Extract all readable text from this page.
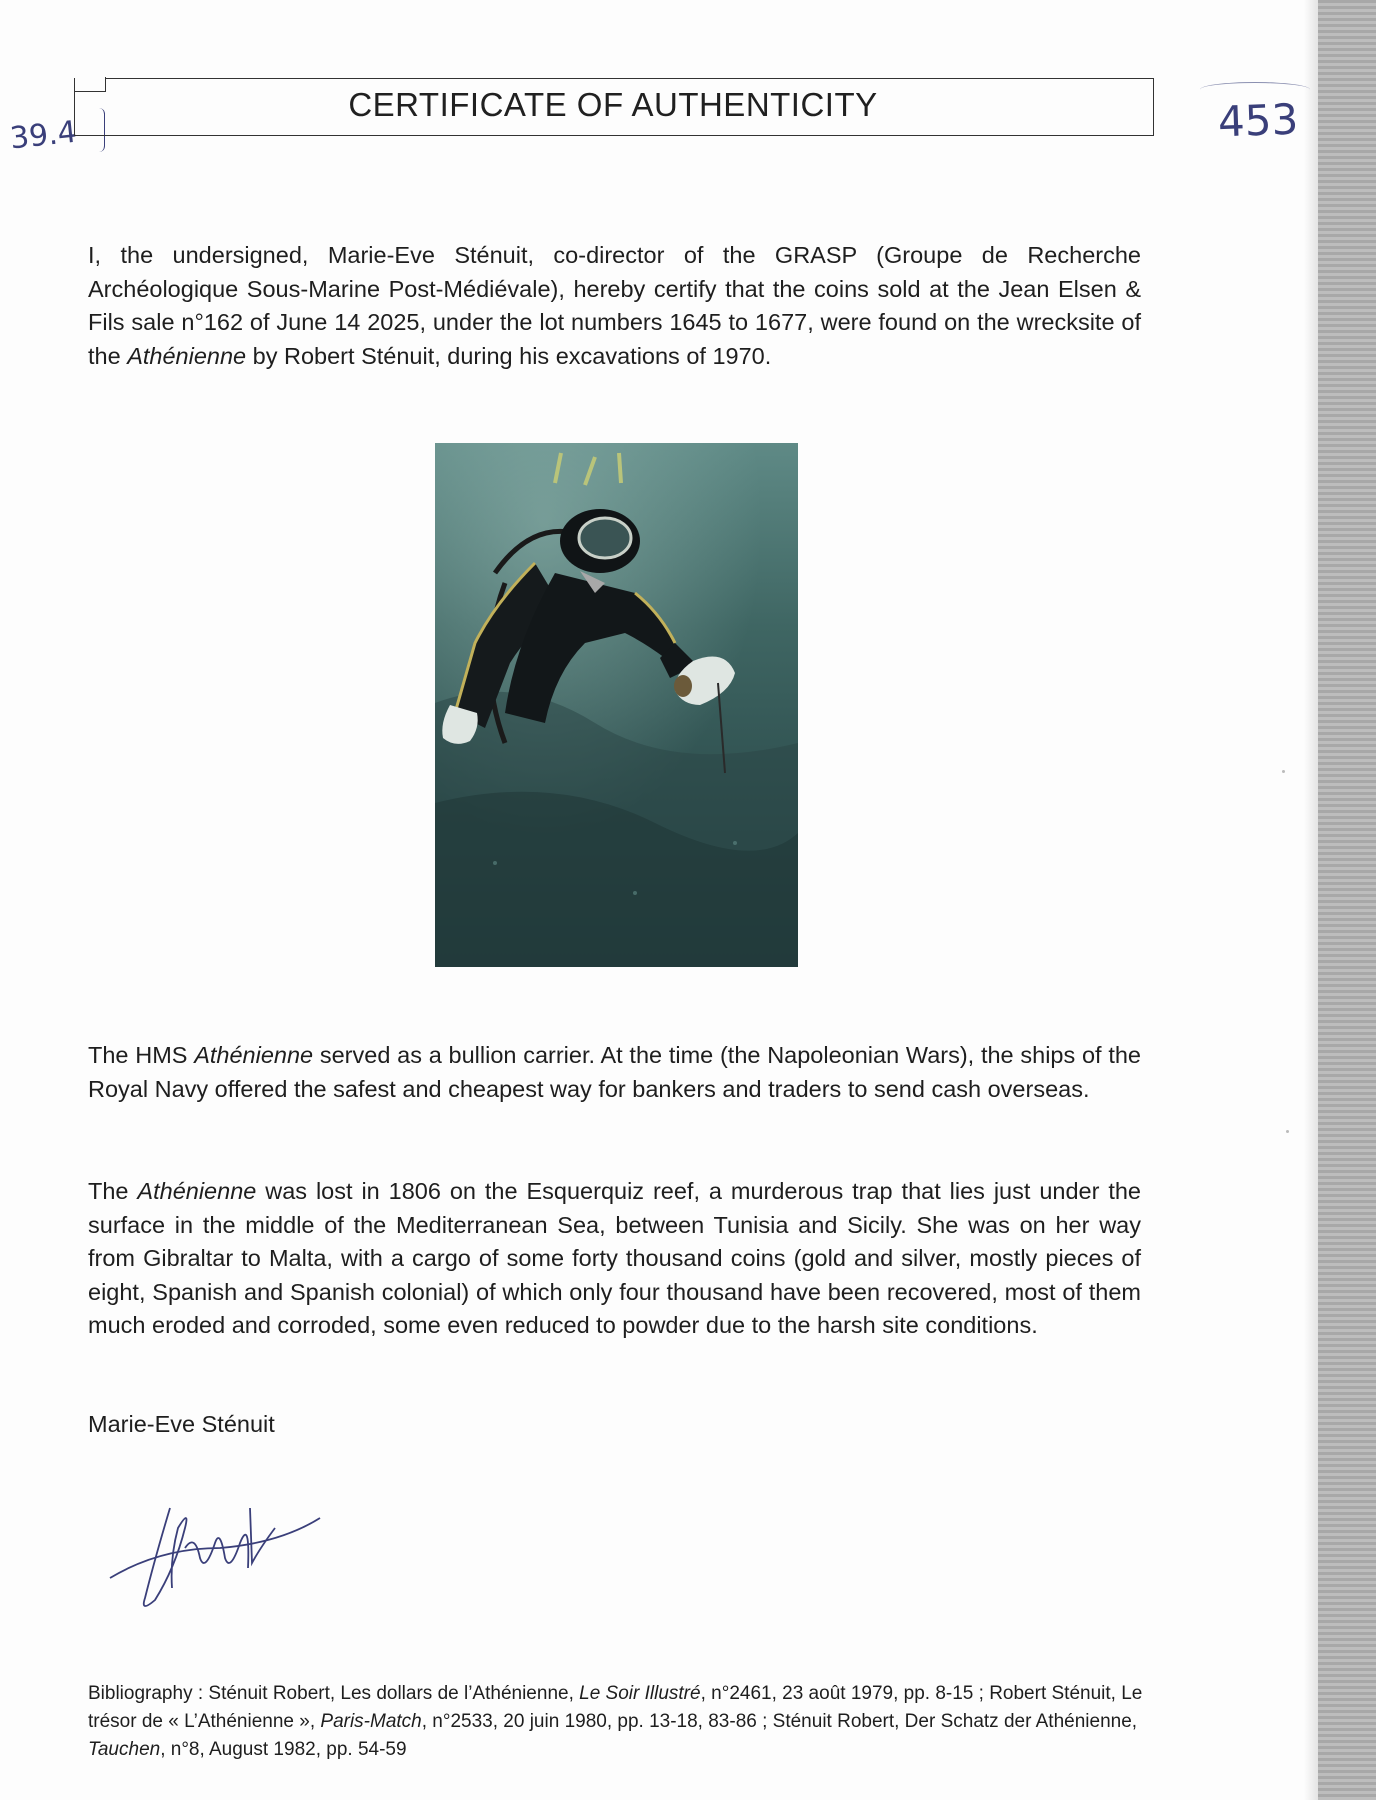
39.4	453
CERTIFICATE OF AUTHENTICITY

I, the undersigned, Marie-Eve Sténuit, co-director of the GRASP (Groupe de Recherche Archéologique Sous-Marine Post-Médiévale), hereby certify that the coins sold at the Jean Elsen & Fils sale n°162 of June 14 2025, under the lot numbers 1645 to 1677, were found on the wrecksite of the Athénienne by Robert Sténuit, during his excavations of 1970.

The HMS Athénienne served as a bullion carrier. At the time (the Napoleonian Wars), the ships of the Royal Navy offered the safest and cheapest way for bankers and traders to send cash overseas.

The Athénienne was lost in 1806 on the Esquerquiz reef, a murderous trap that lies just under the surface in the middle of the Mediterranean Sea, between Tunisia and Sicily. She was on her way from Gibraltar to Malta, with a cargo of some forty thousand coins (gold and silver, mostly pieces of eight, Spanish and Spanish colonial) of which only four thousand have been recovered, most of them much eroded and corroded, some even reduced to powder due to the harsh site conditions.

Marie-Eve Sténuit

Bibliography : Sténuit Robert, Les dollars de l’Athénienne, Le Soir Illustré, n°2461, 23 août 1979, pp. 8-15 ; Robert Sténuit, Le trésor de « L’Athénienne », Paris-Match, n°2533, 20 juin 1980, pp. 13-18, 83-86 ; Sténuit Robert, Der Schatz der Athénienne, Tauchen, n°8, August 1982, pp. 54-59
